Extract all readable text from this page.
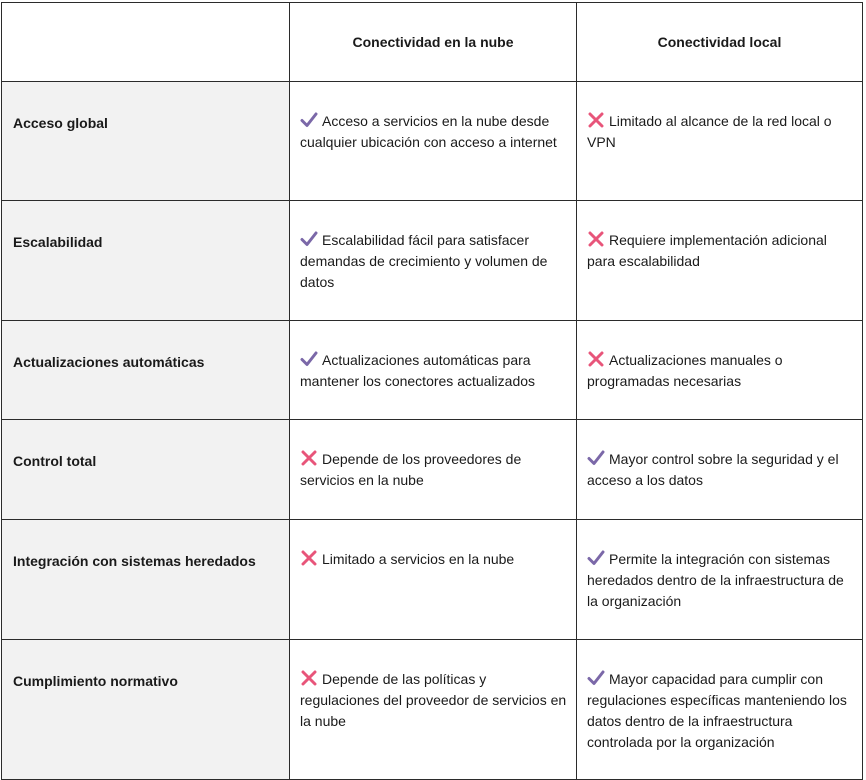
	Conectividad en la nube	Conectividad local
Acceso global	Acceso a servicios en la nube desde cualquier ubicación con acceso a internet	Limitado al alcance de la red local o VPN
Escalabilidad	Escalabilidad fácil para satisfacer demandas de crecimiento y volumen de datos	Requiere implementación adicional para escalabilidad
Actualizaciones automáticas	Actualizaciones automáticas para mantener los conectores actualizados	Actualizaciones manuales o programadas necesarias
Control total	Depende de los proveedores de servicios en la nube	Mayor control sobre la seguridad y el acceso a los datos
Integración con sistemas heredados	Limitado a servicios en la nube	Permite la integración con sistemas heredados dentro de la infraestructura de la organización
Cumplimiento normativo	Depende de las políticas y regulaciones del proveedor de servicios en la nube	Mayor capacidad para cumplir con regulaciones específicas manteniendo los datos dentro de la infraestructura controlada por la organización
